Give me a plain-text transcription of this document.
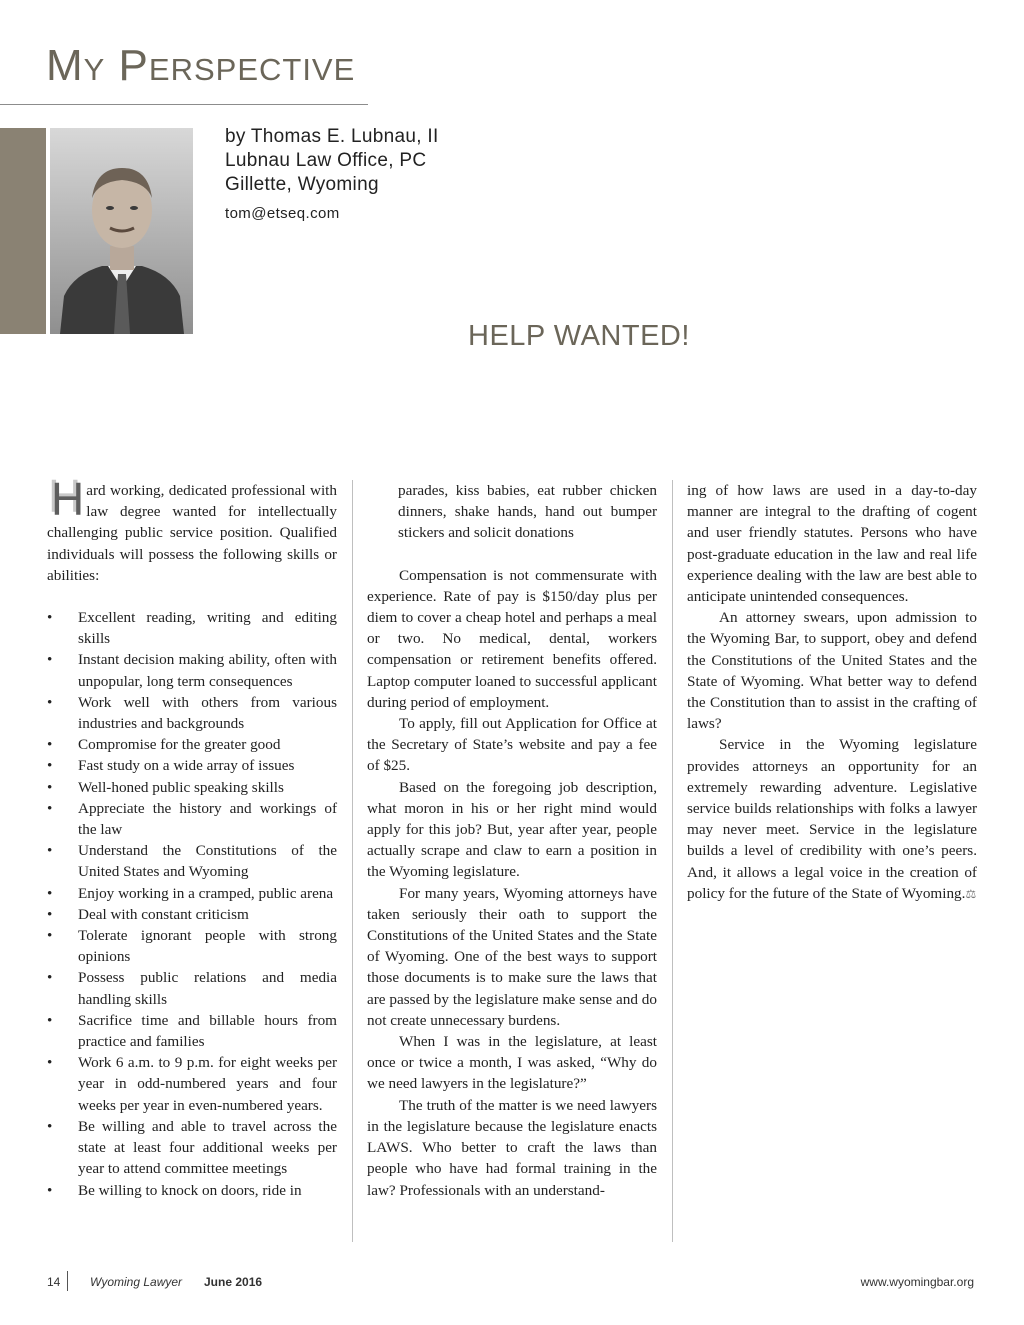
My Perspective
by Thomas E. Lubnau, II
Lubnau Law Office, PC
Gillette, Wyoming
tom@etseq.com
HELP WANTED!

Hard working, dedicated professional with law degree wanted for intellectually challenging public service position. Qualified individuals will possess the following skills or abilities:

• Excellent reading, writing and editing skills
• Instant decision making ability, often with unpopular, long term consequences
• Work well with others from various industries and backgrounds
• Compromise for the greater good
• Fast study on a wide array of issues
• Well-honed public speaking skills
• Appreciate the history and workings of the law
• Understand the Constitutions of the United States and Wyoming
• Enjoy working in a cramped, public arena
• Deal with constant criticism
• Tolerate ignorant people with strong opinions
• Possess public relations and media handling skills
• Sacrifice time and billable hours from practice and families
• Work 6 a.m. to 9 p.m. for eight weeks per year in odd-numbered years and four weeks per year in even-numbered years.
• Be willing and able to travel across the state at least four additional weeks per year to attend committee meetings
• Be willing to knock on doors, ride in
parades, kiss babies, eat rubber chicken dinners, shake hands, hand out bumper stickers and solicit donations

Compensation is not commensurate with experience. Rate of pay is $150/day plus per diem to cover a cheap hotel and perhaps a meal or two. No medical, dental, workers compensation or retirement benefits offered. Laptop computer loaned to successful applicant during period of employment.

To apply, fill out Application for Office at the Secretary of State’s website and pay a fee of $25.

Based on the foregoing job description, what moron in his or her right mind would apply for this job? But, year after year, people actually scrape and claw to earn a position in the Wyoming legislature.

For many years, Wyoming attorneys have taken seriously their oath to support the Constitutions of the United States and the State of Wyoming. One of the best ways to support those documents is to make sure the laws that are passed by the legislature make sense and do not create unnecessary burdens.

When I was in the legislature, at least once or twice a month, I was asked, “Why do we need lawyers in the legislature?”

The truth of the matter is we need lawyers in the legislature because the legislature enacts LAWS. Who better to craft the laws than people who have had formal training in the law? Professionals with an understand-

ing of how laws are used in a day-to-day manner are integral to the drafting of cogent and user friendly statutes. Persons who have post-graduate education in the law and real life experience dealing with the law are best able to anticipate unintended consequences.

An attorney swears, upon admission to the Wyoming Bar, to support, obey and defend the Constitutions of the United States and the State of Wyoming. What better way to defend the Constitution than to assist in the crafting of laws?

Service in the Wyoming legislature provides attorneys an opportunity for an extremely rewarding adventure. Legislative service builds relationships with folks a lawyer may never meet. Service in the legislature builds a level of credibility with one’s peers. And, it allows a legal voice in the creation of policy for the future of the State of Wyoming.⚖

14 Wyoming Lawyer June 2016	www.wyomingbar.org
